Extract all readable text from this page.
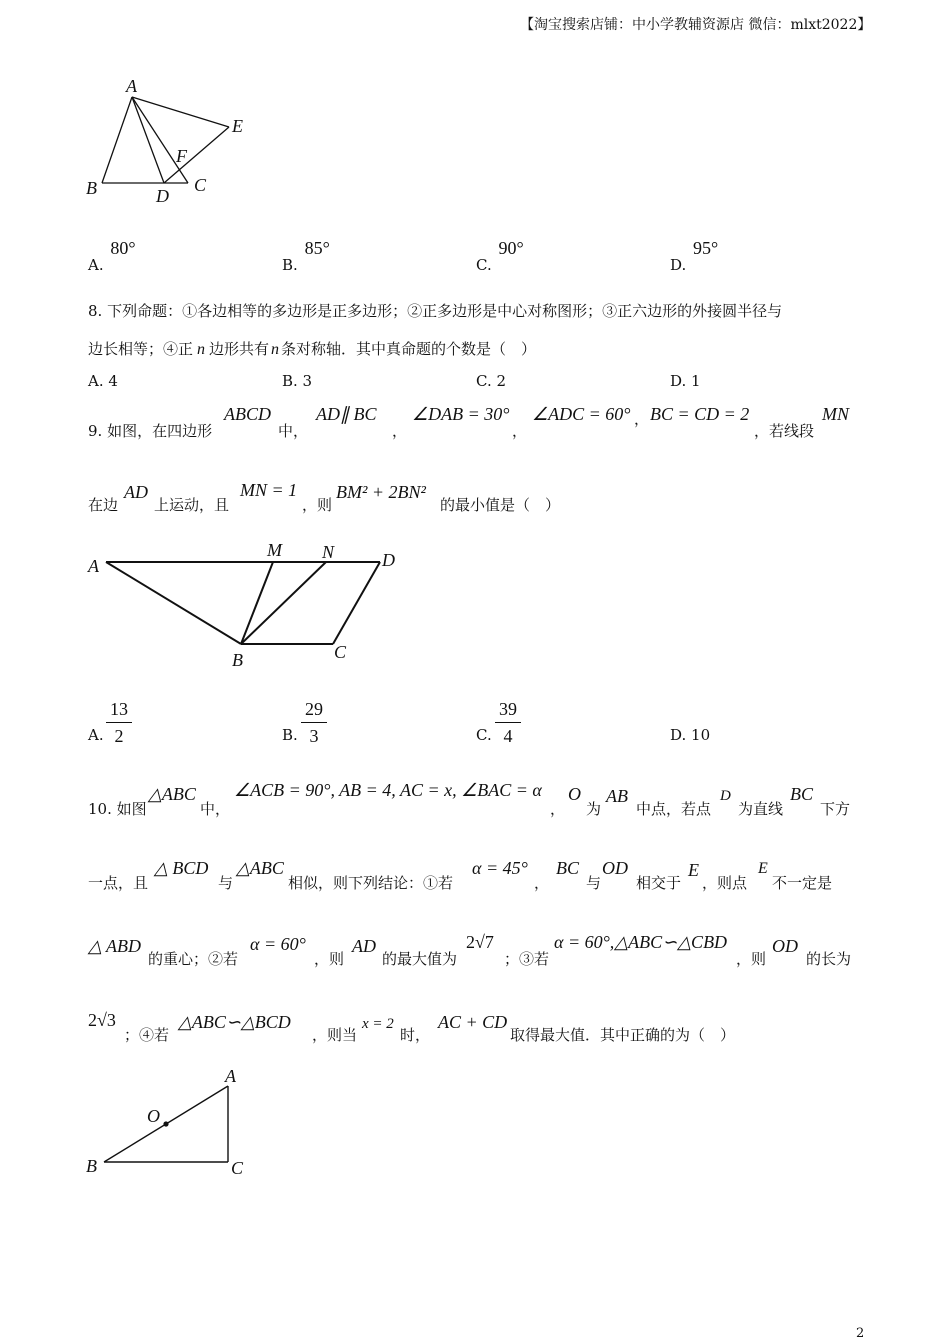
【淘宝搜索店铺：中小学教辅资源店 微信：mlxt2022】
A
E
F
B	D
C
A. 80°
B. 85°
C. 90°
D. 95°
8. 下列命题：①各边相等的多边形是正多边形；②正多边形是中心对称图形；③正六边形的外接圆半径与
边长相等；④正 n 边形共有 n 条对称轴．其中真命题的个数是（　）
A. 4	B. 3	C. 2	D. 1
9. 如图，在四边形
ABCD
中，
AD∥ BC
，
∠DAB = 30°
，
∠ADC = 60° ， BC = CD = 2
，若线段
MN
在边
AD
上运动，且
MN = 1
，则
BM² + 2BN²
的最小值是（　）
A
M N	D
B	C
A.
13
2	B.
29
3	C.
39
4	D. 10
10. 如图
△ABC
中，
∠ACB = 90°, AB = 4, AC = x, ∠BAC = α
，
O
为
AB
中点，若点
D
为直线
BC
下方
一点，且
△ BCD
与
△ABC
相似，则下列结论：①若
α = 45°
，
BC
与
OD
相交于
E
，则点
E
不一定是
△ ABD
的重心；②若
α = 60°
，则
AD
的最大值为
2√7
；③若
α = 60°,△ABC∽△CBD
，则
OD
的长为
2√3
；④若
△ABC∽△BCD
，则当
x = 2
时，
AC + CD
取得最大值．其中正确的为（　）
A
O
B	C
2
